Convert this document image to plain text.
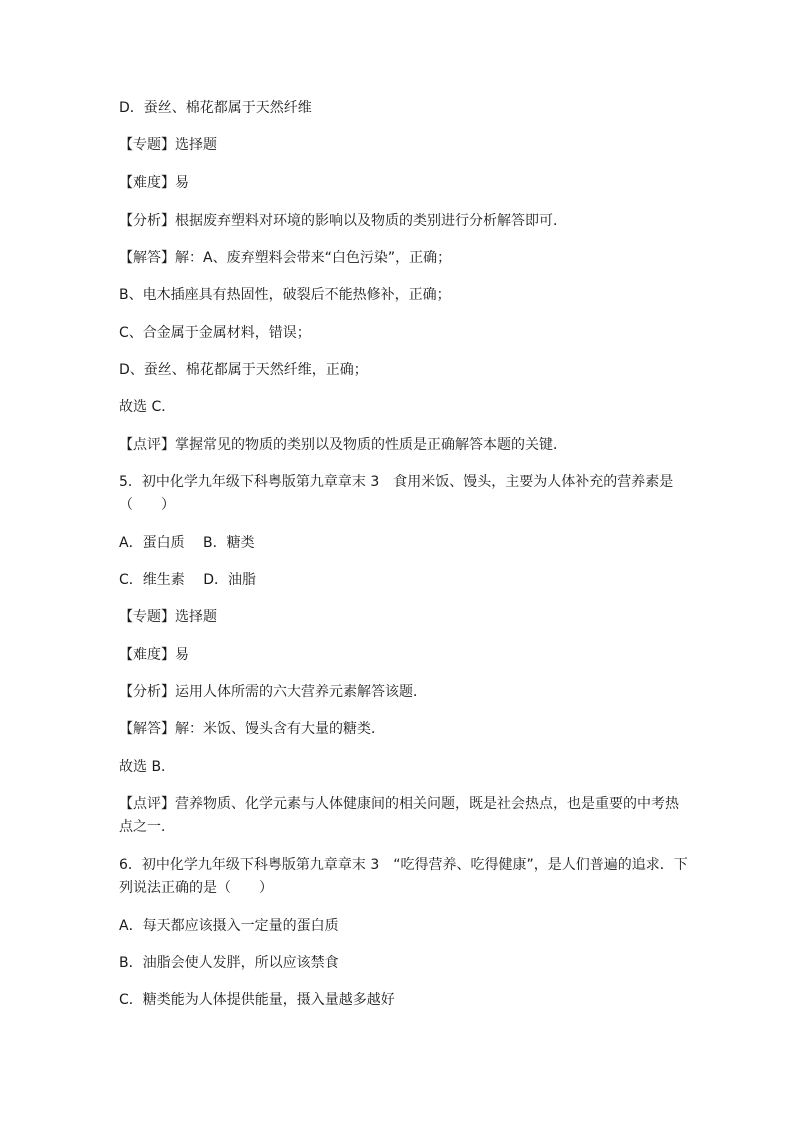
D．蚕丝、棉花都属于天然纤维
【专题】选择题
【难度】易
【分析】根据废弃塑料对环境的影响以及物质的类别进行分析解答即可．
【解答】解：A、废弃塑料会带来“白色污染”，正确；
B、电木插座具有热固性，破裂后不能热修补，正确；
C、合金属于金属材料，错误；
D、蚕丝、棉花都属于天然纤维，正确；
故选 C．
【点评】掌握常见的物质的类别以及物质的性质是正确解答本题的关键．
5．初中化学九年级下科粤版第九章章末 3　食用米饭、馒头，主要为人体补充的营养素是
（　　）
A．蛋白质　 B．糖类
C．维生素　 D．油脂
【专题】选择题
【难度】易
【分析】运用人体所需的六大营养元素解答该题．
【解答】解：米饭、馒头含有大量的糖类．
故选 B．
【点评】营养物质、化学元素与人体健康间的相关问题，既是社会热点，也是重要的中考热
点之一．
6．初中化学九年级下科粤版第九章章末 3　“吃得营养、吃得健康”，是人们普遍的追求．下
列说法正确的是（　　）
A．每天都应该摄入一定量的蛋白质
B．油脂会使人发胖，所以应该禁食
C．糖类能为人体提供能量，摄入量越多越好
